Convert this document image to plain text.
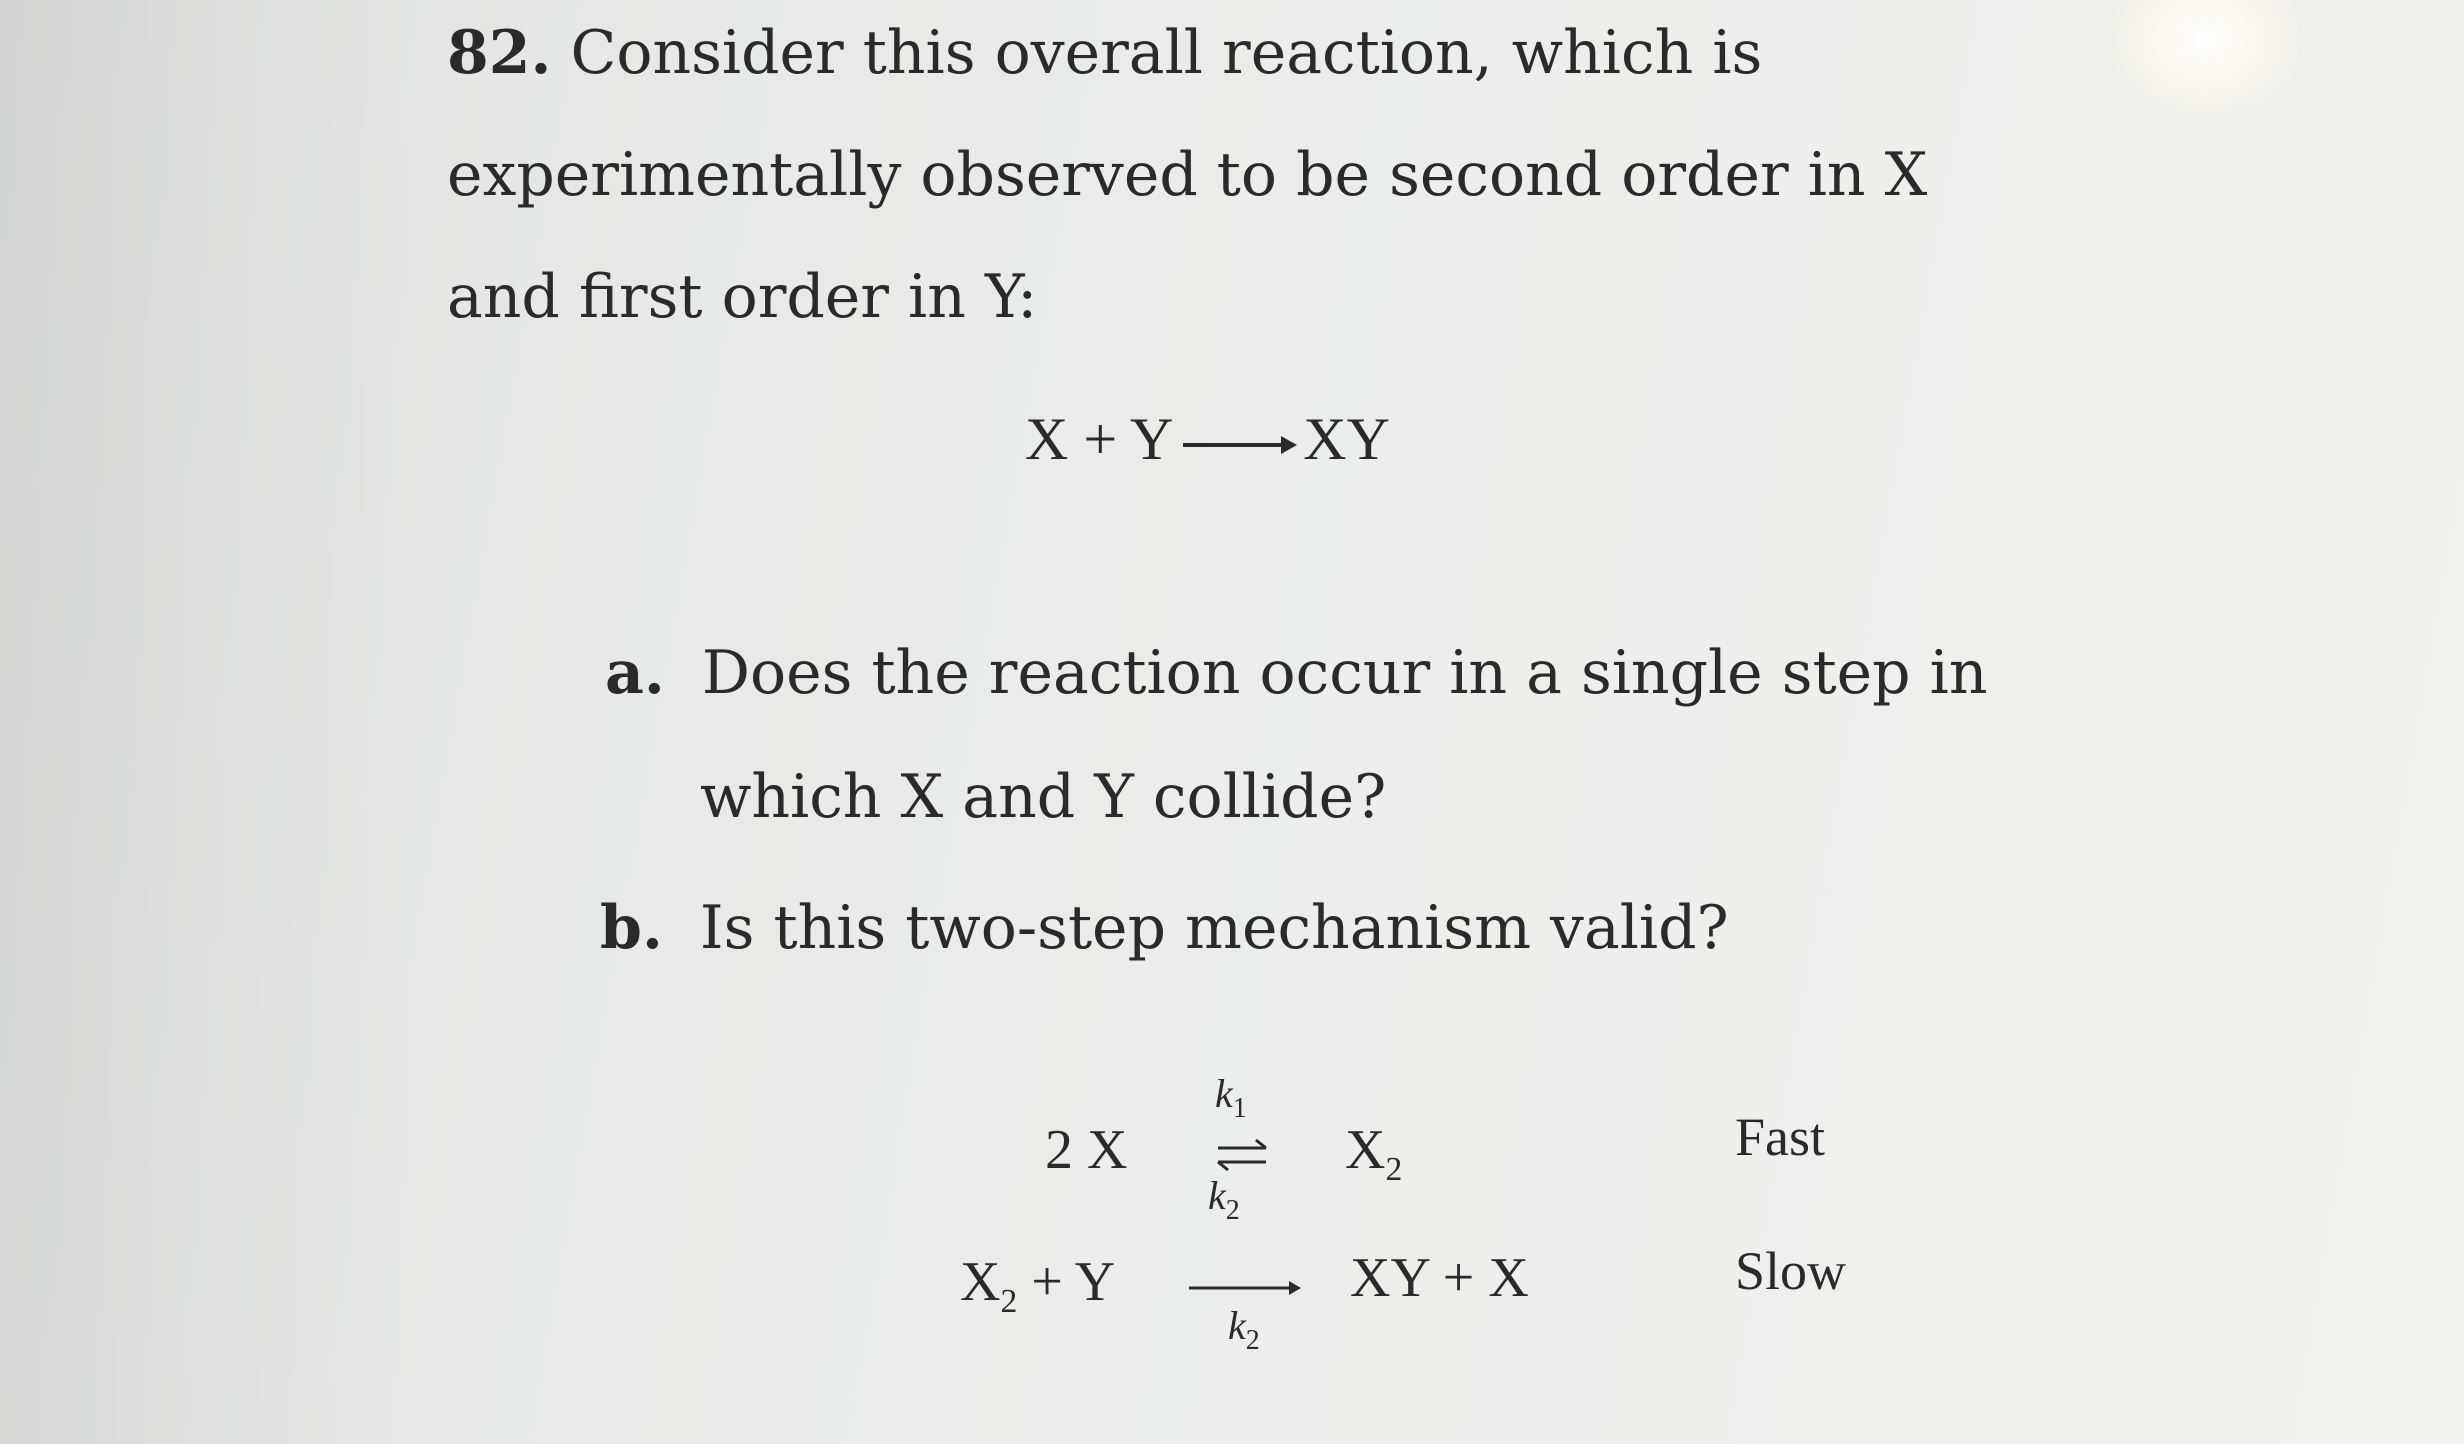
82. Consider this overall reaction, which is
experimentally observed to be second order in X
and first order in Y:
X + Y → XY
a. Does the reaction occur in a single step in
which X and Y collide?
b. Is this two-step mechanism valid?
2 X
$k_1$
$k_2$
$X_2$
Fast
$X_2 + Y$
$k_2$
XY + X	Slow
